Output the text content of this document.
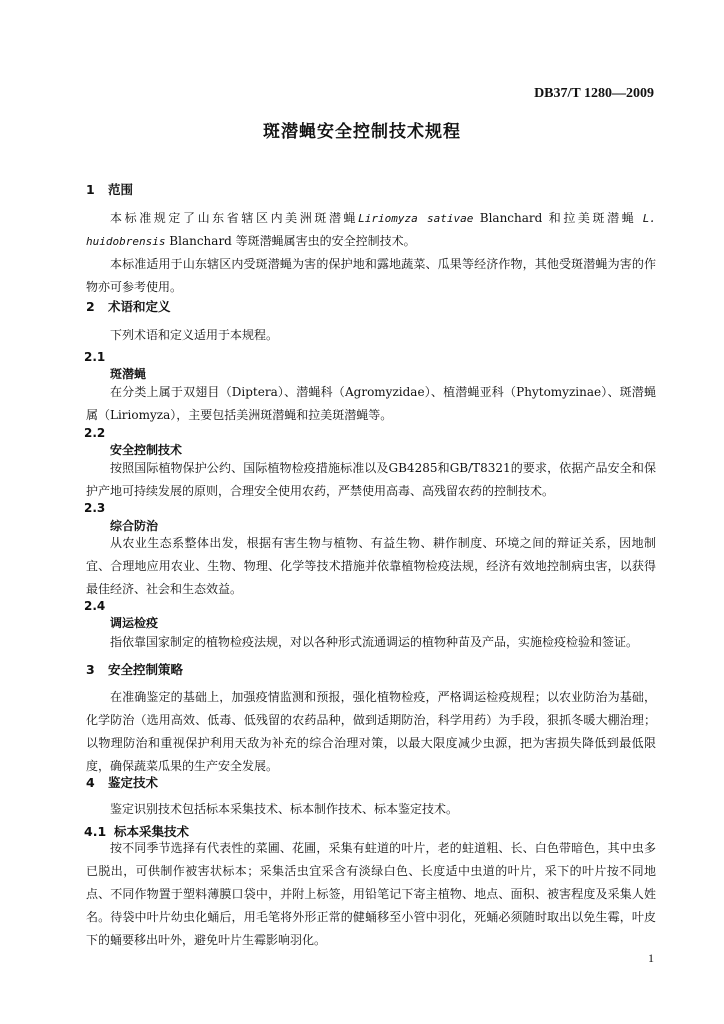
DB37/T 1280—2009
斑潜蝇安全控制技术规程
1 范围
本标准规定了山东省辖区内美洲斑潜蝇Liriomyza sativae Blanchard 和拉美斑潜蝇 L. huidobrensis Blanchard 等斑潜蝇属害虫的安全控制技术。
本标准适用于山东辖区内受斑潜蝇为害的保护地和露地蔬菜、瓜果等经济作物，其他受斑潜蝇为害的作物亦可参考使用。
2 术语和定义
下列术语和定义适用于本规程。
2.1
斑潜蝇
在分类上属于双翅目（Diptera）、潜蝇科（Agromyzidae）、植潜蝇亚科（Phytomyzinae）、斑潜蝇属（Liriomyza），主要包括美洲斑潜蝇和拉美斑潜蝇等。
2.2
安全控制技术
按照国际植物保护公约、国际植物检疫措施标准以及GB4285和GB/T8321的要求，依据产品安全和保护产地可持续发展的原则，合理安全使用农药，严禁使用高毒、高残留农药的控制技术。
2.3
综合防治
从农业生态系整体出发，根据有害生物与植物、有益生物、耕作制度、环境之间的辩证关系，因地制宜、合理地应用农业、生物、物理、化学等技术措施并依靠植物检疫法规，经济有效地控制病虫害，以获得最佳经济、社会和生态效益。
2.4
调运检疫
指依靠国家制定的植物检疫法规，对以各种形式流通调运的植物种苗及产品，实施检疫检验和签证。
3 安全控制策略
在准确鉴定的基础上，加强疫情监测和预报，强化植物检疫，严格调运检疫规程；以农业防治为基础，化学防治（选用高效、低毒、低残留的农药品种，做到适期防治，科学用药）为手段，狠抓冬暖大棚治理；以物理防治和重视保护利用天敌为补充的综合治理对策，以最大限度减少虫源，把为害损失降低到最低限度，确保蔬菜瓜果的生产安全发展。
4 鉴定技术
鉴定识别技术包括标本采集技术、标本制作技术、标本鉴定技术。
4.1 标本采集技术
按不同季节选择有代表性的菜圃、花圃，采集有蛀道的叶片，老的蛀道粗、长、白色带暗色，其中虫多已脱出，可供制作被害状标本；采集活虫宜采含有淡绿白色、长度适中虫道的叶片，采下的叶片按不同地点、不同作物置于塑料薄膜口袋中，并附上标签，用铅笔记下寄主植物、地点、面积、被害程度及采集人姓名。待袋中叶片幼虫化蛹后，用毛笔将外形正常的健蛹移至小管中羽化，死蛹必须随时取出以免生霉，叶皮下的蛹要移出叶外，避免叶片生霉影响羽化。
1
